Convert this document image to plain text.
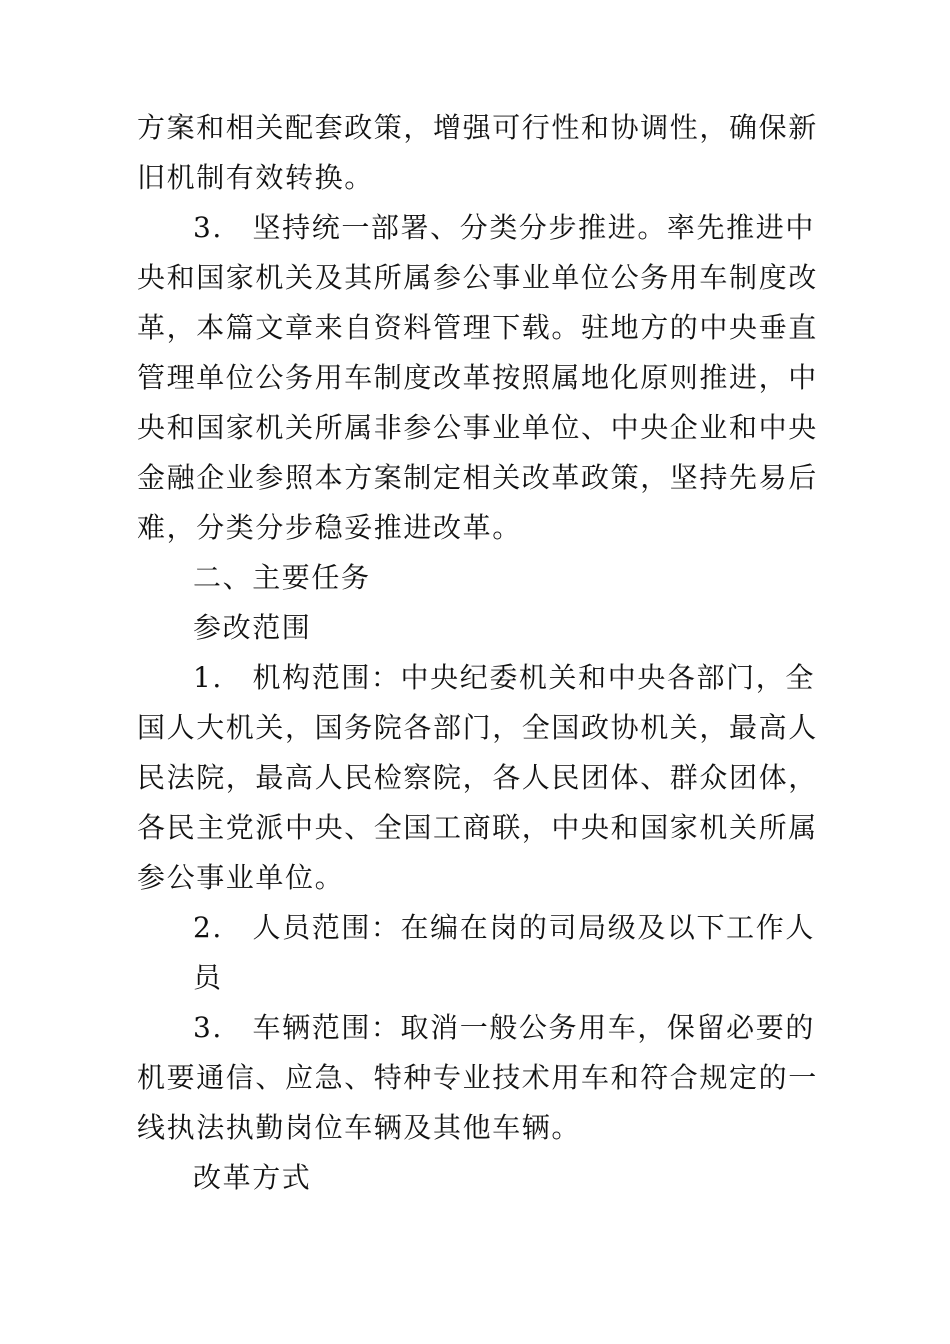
方案和相关配套政策，增强可行性和协调性，确保新
旧机制有效转换。
3.　坚持统一部署、分类分步推进。率先推进中
央和国家机关及其所属参公事业单位公务用车制度改
革，本篇文章来自资料管理下载。驻地方的中央垂直
管理单位公务用车制度改革按照属地化原则推进，中
央和国家机关所属非参公事业单位、中央企业和中央
金融企业参照本方案制定相关改革政策，坚持先易后
难，分类分步稳妥推进改革。
二、主要任务
参改范围
1.　机构范围：中央纪委机关和中央各部门，全
国人大机关，国务院各部门，全国政协机关，最高人
民法院，最高人民检察院，各人民团体、群众团体，
各民主党派中央、全国工商联，中央和国家机关所属
参公事业单位。
2.　人员范围：在编在岗的司局级及以下工作人
员
3.　车辆范围：取消一般公务用车，保留必要的
机要通信、应急、特种专业技术用车和符合规定的一
线执法执勤岗位车辆及其他车辆。
改革方式
